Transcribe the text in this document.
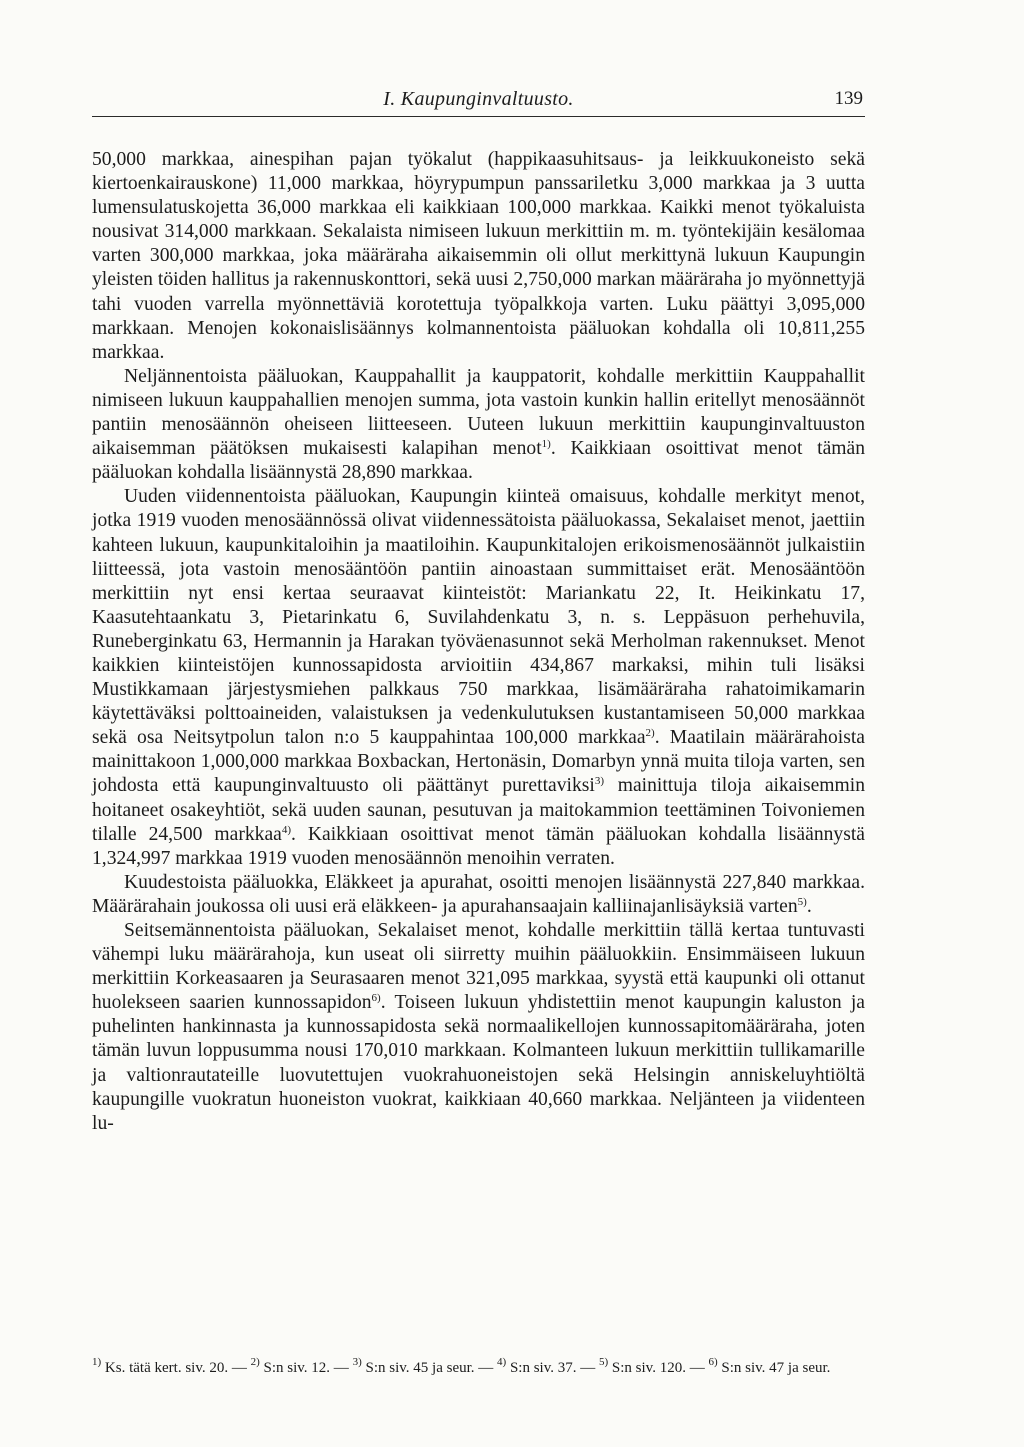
I. Kaupunginvaltuusto.	139

50,000 markkaa, ainespihan pajan työkalut (happikaasuhitsaus- ja leikkuukoneisto sekä kiertoenkairauskone) 11,000 markkaa, höyrypumpun panssariletku 3,000 markkaa ja 3 uutta lumensulatuskojetta 36,000 markkaa eli kaikkiaan 100,000 markkaa. Kaikki menot työkaluista nousivat 314,000 markkaan. Sekalaista nimiseen lukuun merkittiin m. m. työntekijäin kesälomaa varten 300,000 markkaa, joka määräraha aikaisemmin oli ollut merkittynä lukuun Kaupungin yleisten töiden hallitus ja rakennuskonttori, sekä uusi 2,750,000 markan määräraha jo myönnettyjä tahi vuoden varrella myönnettäviä korotettuja työpalkkoja varten. Luku päättyi 3,095,000 markkaan. Menojen kokonaislisäännys kolmannentoista pääluokan kohdalla oli 10,811,255 markkaa.

Neljännentoista pääluokan, Kauppahallit ja kauppatorit, kohdalle merkittiin Kauppahallit nimiseen lukuun kauppahallien menojen summa, jota vastoin kunkin hallin eritellyt menosäännöt pantiin menosäännön oheiseen liitteeseen. Uuteen lukuun merkittiin kaupunginvaltuuston aikaisemman päätöksen mukaisesti kalapihan menot$^{1)}$. Kaikkiaan osoittivat menot tämän pääluokan kohdalla lisäännystä 28,890 markkaa.

Uuden viidennentoista pääluokan, Kaupungin kiinteä omaisuus, kohdalle merkityt menot, jotka 1919 vuoden menosäännössä olivat viidennessätoista pääluokassa, Sekalaiset menot, jaettiin kahteen lukuun, kaupunkitaloihin ja maatiloihin. Kaupunkitalojen erikoismenosäännöt julkaistiin liitteessä, jota vastoin menosääntöön pantiin ainoastaan summittaiset erät. Menosääntöön merkittiin nyt ensi kertaa seuraavat kiinteistöt: Mariankatu 22, It. Heikinkatu 17, Kaasutehtaankatu 3, Pietarinkatu 6, Suvilahdenkatu 3, n. s. Leppäsuon perhehuvila, Runeberginkatu 63, Hermannin ja Harakan työväenasunnot sekä Merholman rakennukset. Menot kaikkien kiinteistöjen kunnossapidosta arvioitiin 434,867 markaksi, mihin tuli lisäksi Mustikkamaan järjestysmiehen palkkaus 750 markkaa, lisämääräraha rahatoimikamarin käytettäväksi polttoaineiden, valaistuksen ja vedenkulutuksen kustantamiseen 50,000 markkaa sekä osa Neitsytpolun talon n:o 5 kauppahintaa 100,000 markkaa$^{2)}$. Maatilain määrärahoista mainittakoon 1,000,000 markkaa Boxbackan, Hertonäsin, Domarbyn ynnä muita tiloja varten, sen johdosta että kaupunginvaltuusto oli päättänyt purettaviksi$^{3)}$ mainittuja tiloja aikaisemmin hoitaneet osakeyhtiöt, sekä uuden saunan, pesutuvan ja maitokammion teettäminen Toivoniemen tilalle 24,500 markkaa$^{4)}$. Kaikkiaan osoittivat menot tämän pääluokan kohdalla lisäännystä 1,324,997 markkaa 1919 vuoden menosäännön menoihin verraten.

Kuudestoista pääluokka, Eläkkeet ja apurahat, osoitti menojen lisäännystä 227,840 markkaa. Määrärahain joukossa oli uusi erä eläkkeen- ja apurahansaajain kalliinajanlisäyksiä varten$^{5)}$.

Seitsemännentoista pääluokan, Sekalaiset menot, kohdalle merkittiin tällä kertaa tuntuvasti vähempi luku määrärahoja, kun useat oli siirretty muihin pääluokkiin. Ensimmäiseen lukuun merkittiin Korkeasaaren ja Seurasaaren menot 321,095 markkaa, syystä että kaupunki oli ottanut huolekseen saarien kunnossapidon$^{6)}$. Toiseen lukuun yhdistettiin menot kaupungin kaluston ja puhelinten hankinnasta ja kunnossapidosta sekä normaalikellojen kunnossapitomääräraha, joten tämän luvun loppusumma nousi 170,010 markkaan. Kolmanteen lukuun merkittiin tullikamarille ja valtionrautateille luovutettujen vuokrahuoneistojen sekä Helsingin anniskeluyhtiöltä kaupungille vuokratun huoneiston vuokrat, kaikkiaan 40,660 markkaa. Neljänteen ja viidenteen lu-

$^{1)}$ Ks. tätä kert. siv. 20. — $^{2)}$ S:n siv. 12. — $^{3)}$ S:n siv. 45 ja seur. — $^{4)}$ S:n siv. 37. — $^{5)}$ S:n siv. 120. — $^{6)}$ S:n siv. 47 ja seur.
